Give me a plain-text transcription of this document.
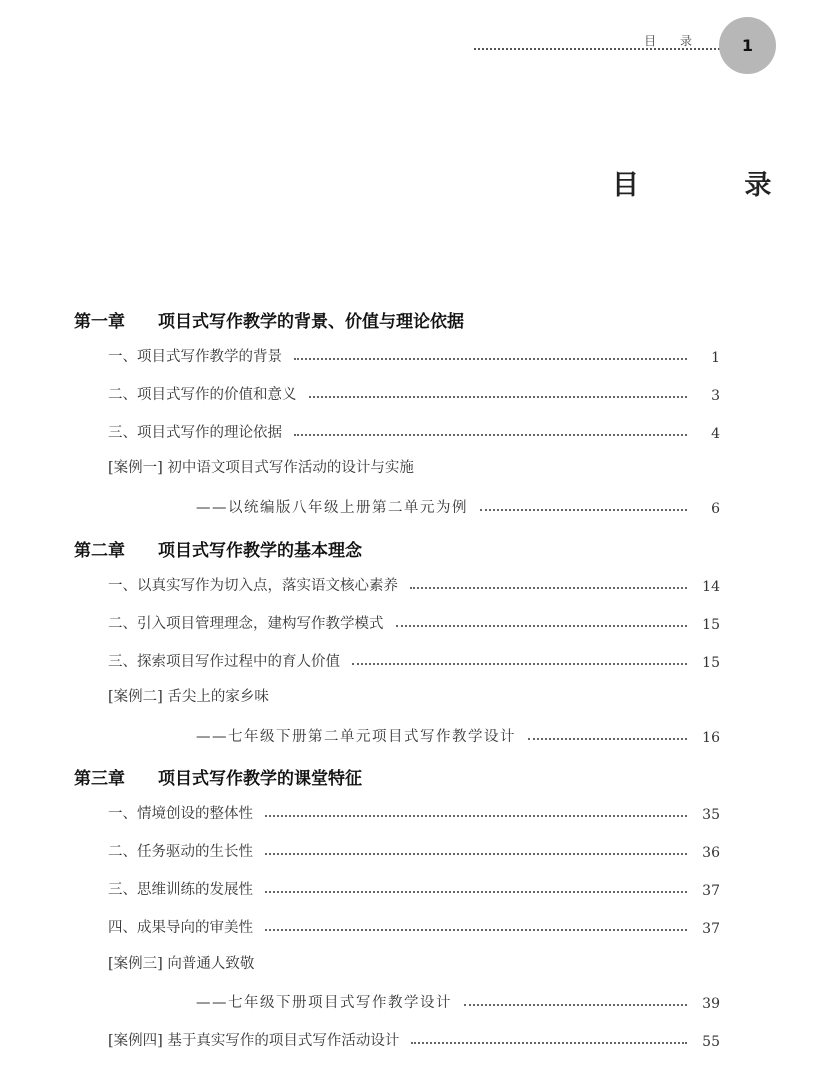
目 录	1
目 录
第一章 项目式写作教学的背景、价值与理论依据
一、项目式写作教学的背景	1
二、项目式写作的价值和意义	3
三、项目式写作的理论依据	4
[案例一] 初中语文项目式写作活动的设计与实施
——以统编版八年级上册第二单元为例	6
第二章 项目式写作教学的基本理念
一、以真实写作为切入点，落实语文核心素养	14
二、引入项目管理理念，建构写作教学模式	15
三、探索项目写作过程中的育人价值	15
[案例二] 舌尖上的家乡味
——七年级下册第二单元项目式写作教学设计	16
第三章 项目式写作教学的课堂特征
一、情境创设的整体性	35
二、任务驱动的生长性	36
三、思维训练的发展性	37
四、成果导向的审美性	37
[案例三] 向普通人致敬
——七年级下册项目式写作教学设计	39
[案例四] 基于真实写作的项目式写作活动设计	55
